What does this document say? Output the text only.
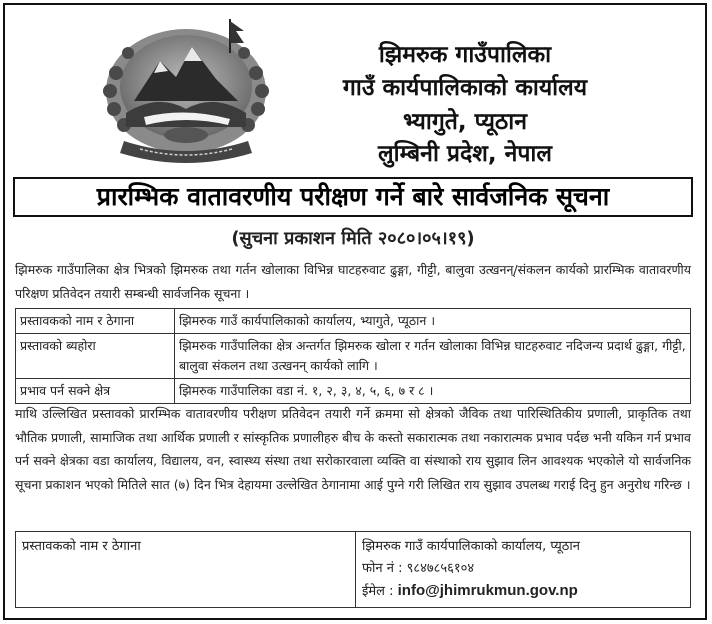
झिमरुक गाउँपालिका
गाउँ कार्यपालिकाको कार्यालय
भ्यागुते, प्यूठान
लुम्बिनी प्रदेश, नेपाल
प्रारम्भिक वातावरणीय परीक्षण गर्ने बारे सार्वजनिक सूचना
(सुचना प्रकाशन मिति २०८०।०५।१९)
झिमरुक गाउँपालिका क्षेत्र भित्रको झिमरुक तथा गर्तन खोलाका विभिन्न घाटहरुवाट ढुङ्गा, गीट्टी, बालुवा उत्खनन्/संकलन कार्यको प्रारम्भिक वातावरणीय परिक्षण प्रतिवेदन तयारी सम्बन्धी सार्वजनिक सूचना ।
प्रस्तावकको नाम र ठेगाना	झिमरुक गाउँ कार्यपालिकाको कार्यालय, भ्यागुते, प्यूठान ।
प्रस्तावको ब्यहोरा	झिमरुक गाउँपालिका क्षेत्र अन्तर्गत झिमरुक खोला र गर्तन खोलाका विभिन्न घाटहरुवाट नदिजन्य प्रदार्थ ढुङ्गा, गीट्टी, बालुवा संकलन तथा उत्खनन् कार्यको लागि ।
प्रभाव पर्न सक्ने क्षेत्र	झिमरुक गाउँपालिका वडा नं. १, २, ३, ४, ५, ६, ७ र ८ ।
माथि उल्लिखित प्रस्तावको प्रारम्भिक वातावरणीय परीक्षण प्रतिवेदन तयारी गर्ने क्रममा सो क्षेत्रको जैविक तथा पारिस्थितिकीय प्रणाली, प्राकृतिक तथा भौतिक प्रणाली, सामाजिक तथा आर्थिक प्रणाली र सांस्कृतिक प्रणालीहरु बीच के कस्तो सकारात्मक तथा नकारात्मक प्रभाव पर्दछ भनी यकिन गर्न प्रभाव पर्न सक्ने क्षेत्रका वडा कार्यालय, विद्यालय, वन, स्वास्थ्य संस्था तथा सरोकारवाला व्यक्ति वा संस्थाको राय सुझाव लिन आवश्यक भएकोले यो सार्वजनिक सूचना प्रकाशन भएको मितिले सात (७) दिन भित्र देहायमा उल्लेखित ठेगानामा आई पुग्ने गरी लिखित राय सुझाव उपलब्ध गराई दिनु हुन अनुरोध गरिन्छ ।
प्रस्तावकको नाम र ठेगाना	झिमरुक गाउँ कार्यपालिकाको कार्यालय, प्यूठान
फोन नं : ९८४७८५६१०४
ईमेल : info@jhimrukmun.gov.np
